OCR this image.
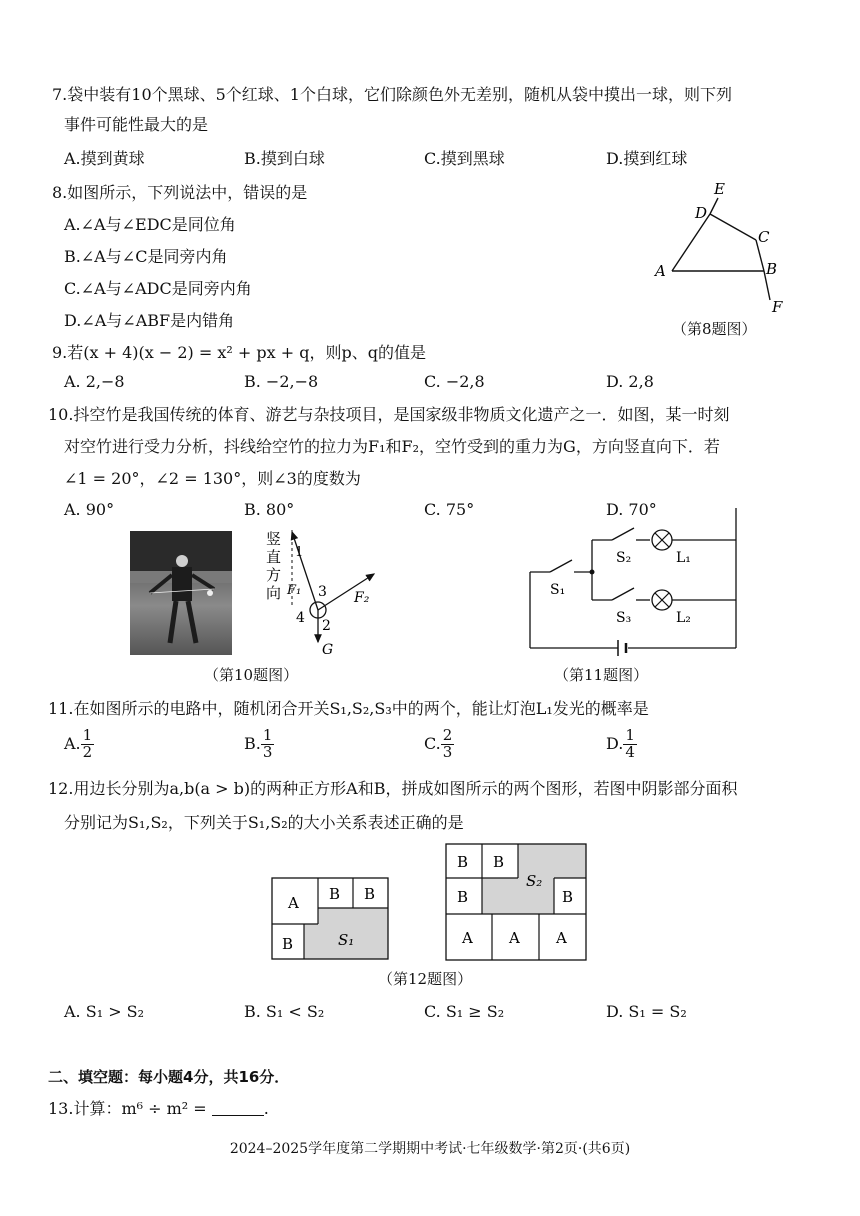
7.袋中装有10个黑球、5个红球、1个白球，它们除颜色外无差别，随机从袋中摸出一球，则下列
事件可能性最大的是
A.摸到黄球	B.摸到白球	C.摸到黑球	D.摸到红球
8.如图所示，下列说法中，错误的是
A.∠A与∠EDC是同位角
B.∠A与∠C是同旁内角
C.∠A与∠ADC是同旁内角
D.∠A与∠ABF是内错角
E
D
C
A	B
F
（第8题图）
9.若(x + 4)(x − 2) = x² + px + q，则p、q的值是
A. 2,−8	B. −2,−8	C. −2,8	D. 2,8
10.抖空竹是我国传统的体育、游艺与杂技项目，是国家级非物质文化遗产之一．如图，某一时刻
对空竹进行受力分析，抖线给空竹的拉力为F₁和F₂，空竹受到的重力为G，方向竖直向下．若
∠1 = 20°，∠2 = 130°，则∠3的度数为
A. 90°	B. 80°	C. 75°	D. 70°
竖
直
方
向
1
3
4 2
F₁	F₂
G
（第10题图）
S₁
S₂
S₃
L₁
L₂
（第11题图）
11.在如图所示的电路中，随机闭合开关S₁,S₂,S₃中的两个，能让灯泡L₁发光的概率是
A. $\frac{1}{2}$	B. $\frac{1}{3}$	C. $\frac{2}{3}$	D. $\frac{1}{4}$
12.用边长分别为a,b(a > b)的两种正方形A和B，拼成如图所示的两个图形，若图中阴影部分面积
分别记为S₁,S₂，下列关于S₁,S₂的大小关系表述正确的是
A B B
B	S₁
B B
B	B
A A A
S₂
（第12题图）
A. S₁ > S₂	B. S₁ < S₂	C. S₁ ≥ S₂	D. S₁ = S₂
二、填空题：每小题4分，共16分．
13.计算：m⁶ ÷ m² =	.
2024–2025学年度第二学期期中考试·七年级数学·第2页·(共6页)
